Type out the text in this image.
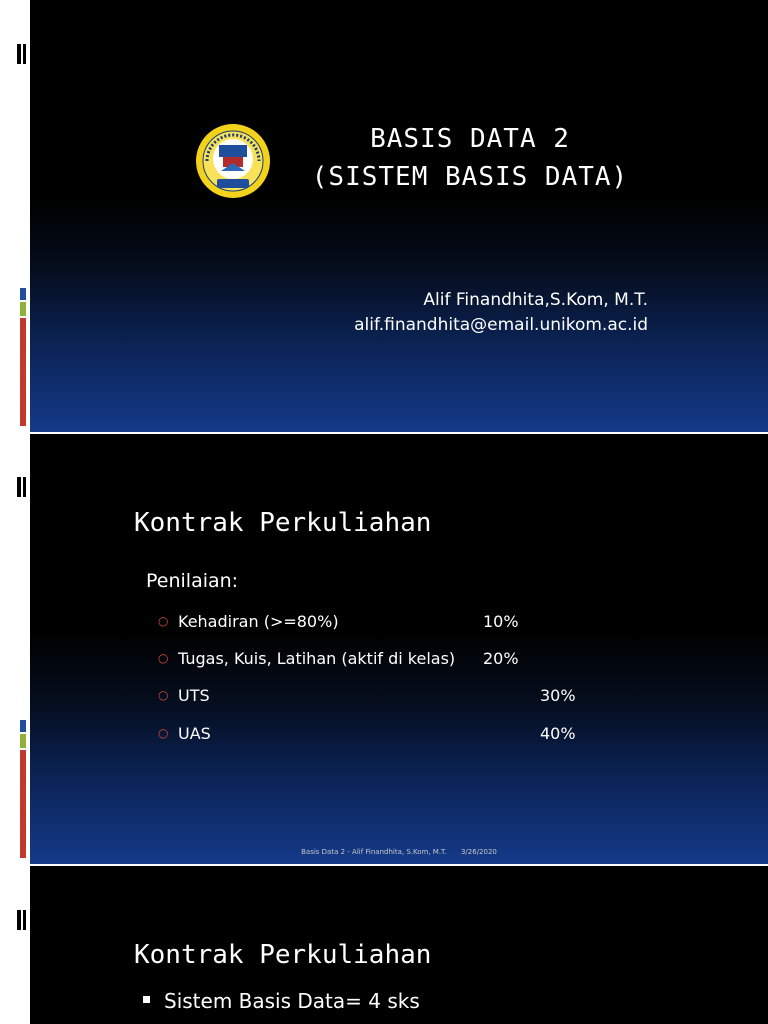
BASIS DATA 2
(SISTEM BASIS DATA)
Alif Finandhita,S.Kom, M.T.
alif.finandhita@email.unikom.ac.id
Kontrak Perkuliahan
Penilaian:
○ Kehadiran (>=80%)	10%
○ Tugas, Kuis, Latihan (aktif di kelas) 20%
○ UTS	30%
○ UAS	40%
Basis Data 2 - Alif Finandhita, S.Kom, M.T. 3/26/2020
Kontrak Perkuliahan
Sistem Basis Data= 4 sks
